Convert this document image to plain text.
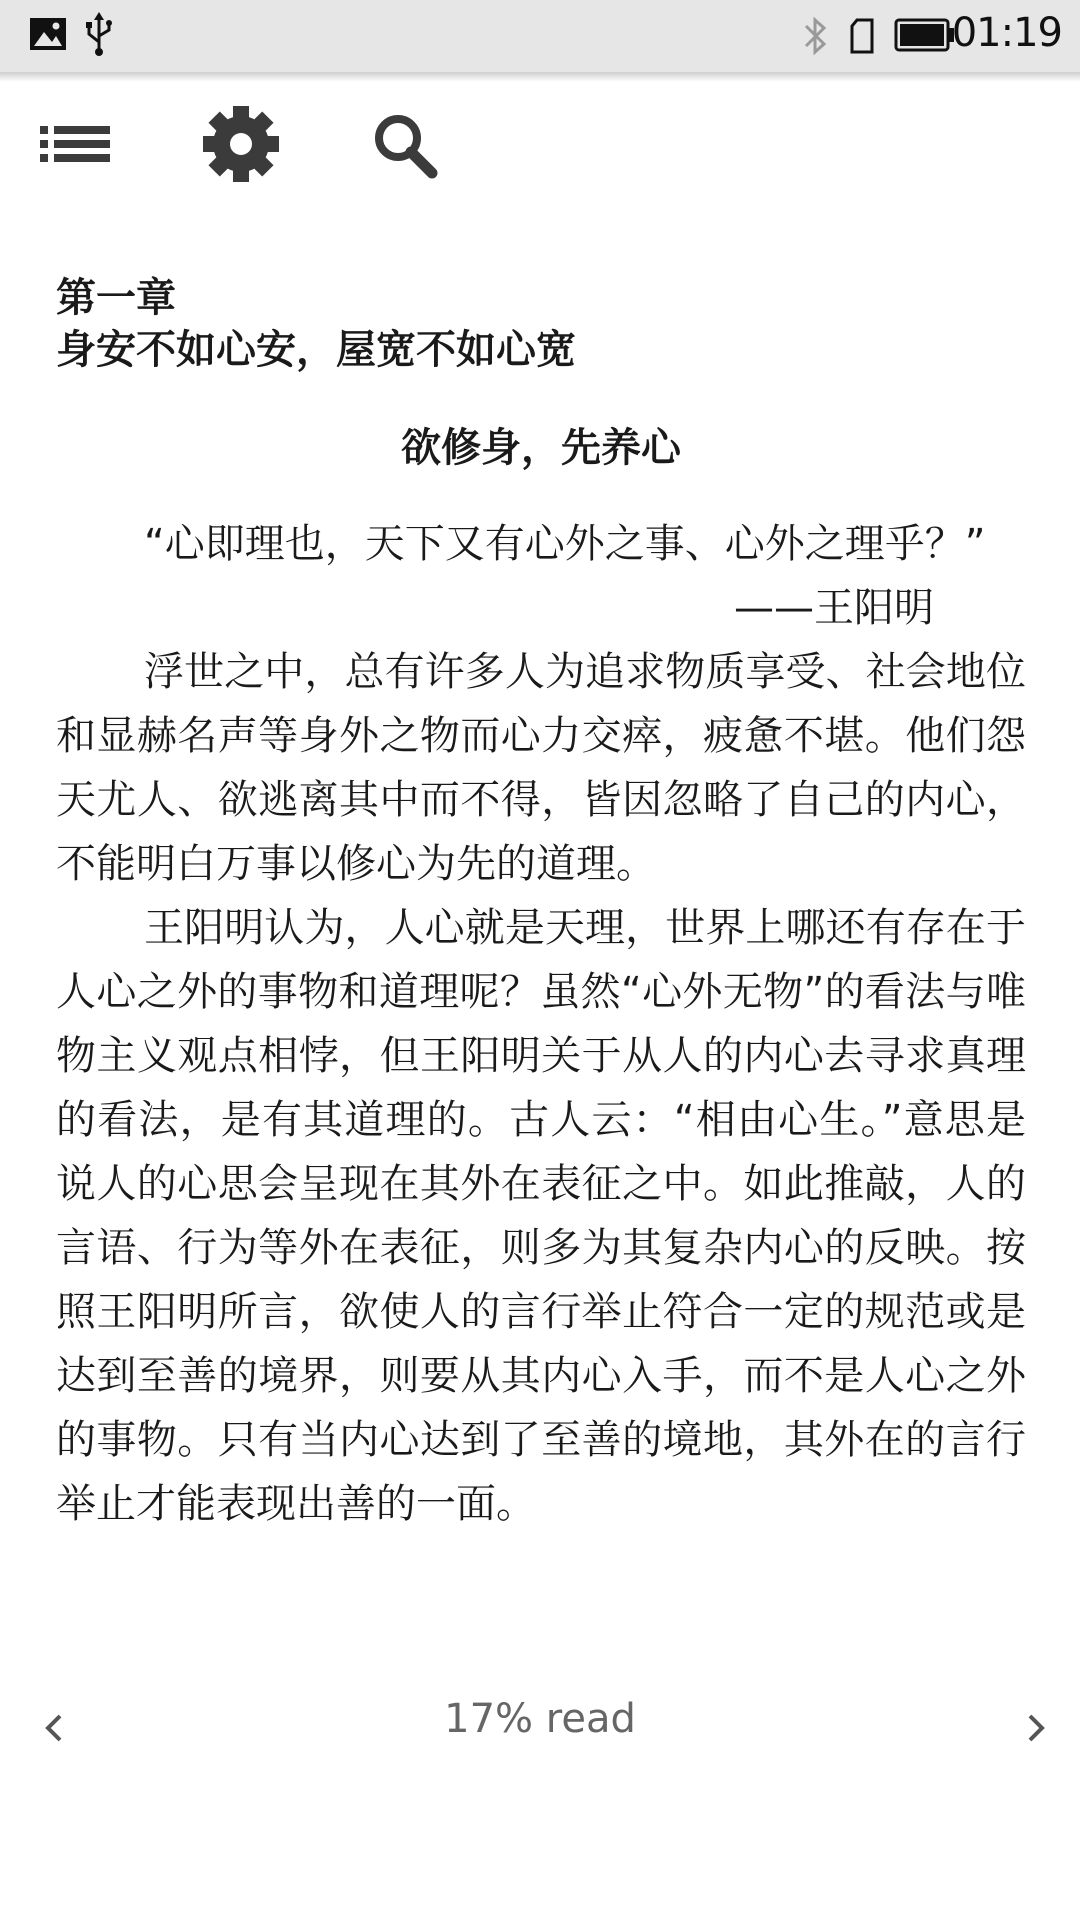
01:19

第一章

身安不如心安，屋宽不如心宽

欲修身，先养心

“心即理也，天下又有心外之事、心外之理乎？”

——王阳明

浮世之中，总有许多人为追求物质享受、社会地位和显赫名声等身外之物而心力交瘁，疲惫不堪。他们怨天尤人、欲逃离其中而不得，皆因忽略了自己的内心，不能明白万事以修心为先的道理。

王阳明认为，人心就是天理，世界上哪还有存在于人心之外的事物和道理呢？虽然“心外无物”的看法与唯物主义观点相悖，但王阳明关于从人的内心去寻求真理的看法，是有其道理的。古人云：“相由心生。”意思是说人的心思会呈现在其外在表征之中。如此推敲，人的言语、行为等外在表征，则多为其复杂内心的反映。按照王阳明所言，欲使人的言行举止符合一定的规范或是达到至善的境界，则要从其内心入手，而不是人心之外的事物。只有当内心达到了至善的境地，其外在的言行举止才能表现出善的一面。

17% read
